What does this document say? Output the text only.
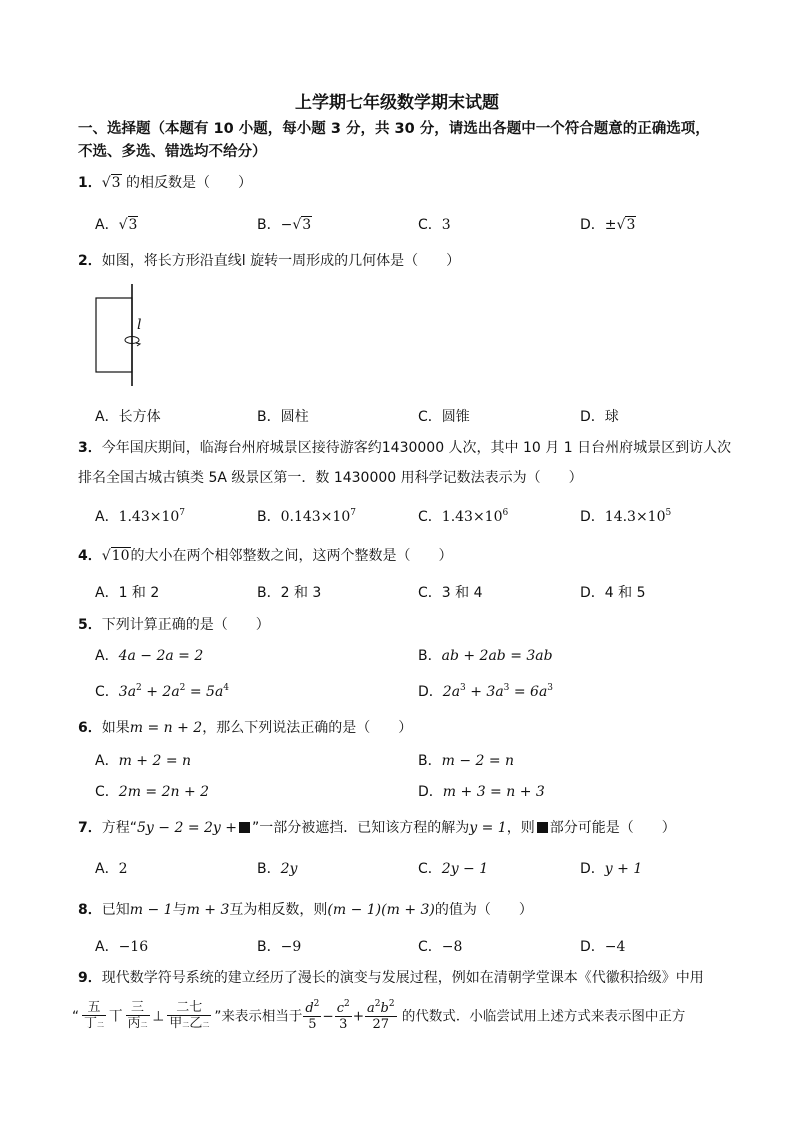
上学期七年级数学期末试题
一、选择题（本题有 10 小题，每小题 3 分，共 30 分，请选出各题中一个符合题意的正确选项，
不选、多选、错选均不给分）
1．√3 的相反数是（　　）
A．√3	B．−√3	C．3	D．±√3
2．如图，将长方形沿直线l 旋转一周形成的几何体是（　　）
l
A．长方体	B．圆柱	C．圆锥	D．球
3．今年国庆期间，临海台州府城景区接待游客约1430000 人次，其中 10 月 1 日台州府城景区到访人次
排名全国古城古镇类 5A 级景区第一．数 1430000 用科学记数法表示为（　　）
A．$1.43\times 10^7$	B．$0.143\times 10^7$	C．$1.43\times 10^6$	D．$14.3\times 10^5$
4．√10的大小在两个相邻整数之间，这两个整数是（　　）
A．1 和 2	B．2 和 3	C．3 和 4	D．4 和 5
5．下列计算正确的是（　　）
A．4a − 2a = 2	B．ab + 2ab = 3ab
C．$3a^2 + 2a^2 = 5a^4$	D．$2a^3 + 3a^3 = 6a^3$
6．如果m = n + 2，那么下列说法正确的是（　　）
A．m + 2 = n	B．m − 2 = n
C．2m = 2n + 2	D．m + 3 = n + 3
7．方程“5y − 2 = 2y + ”一部分被遮挡．已知该方程的解为y = 1，则 部分可能是（　　）
A．2	B．2y	C．2y − 1	D．y + 1
8．已知m − 1与m + 3互为相反数，则(m − 1)(m + 3)的值为（　　）
A．−16	B．−9	C．−8	D．−4
9．现代数学符号系统的建立经历了漫长的演变与发展过程，例如在清朝学堂课本《代徽积拾级》中用
“
五
丁二
丅
三
丙二
⊥
二七
甲二乙二
”来表示相当于 $\frac{d^2}{5} - \frac{c^2}{3} + \frac{a^2b^2}{27}$ 的代数式．小临尝试用上述方式来表示图中正方
